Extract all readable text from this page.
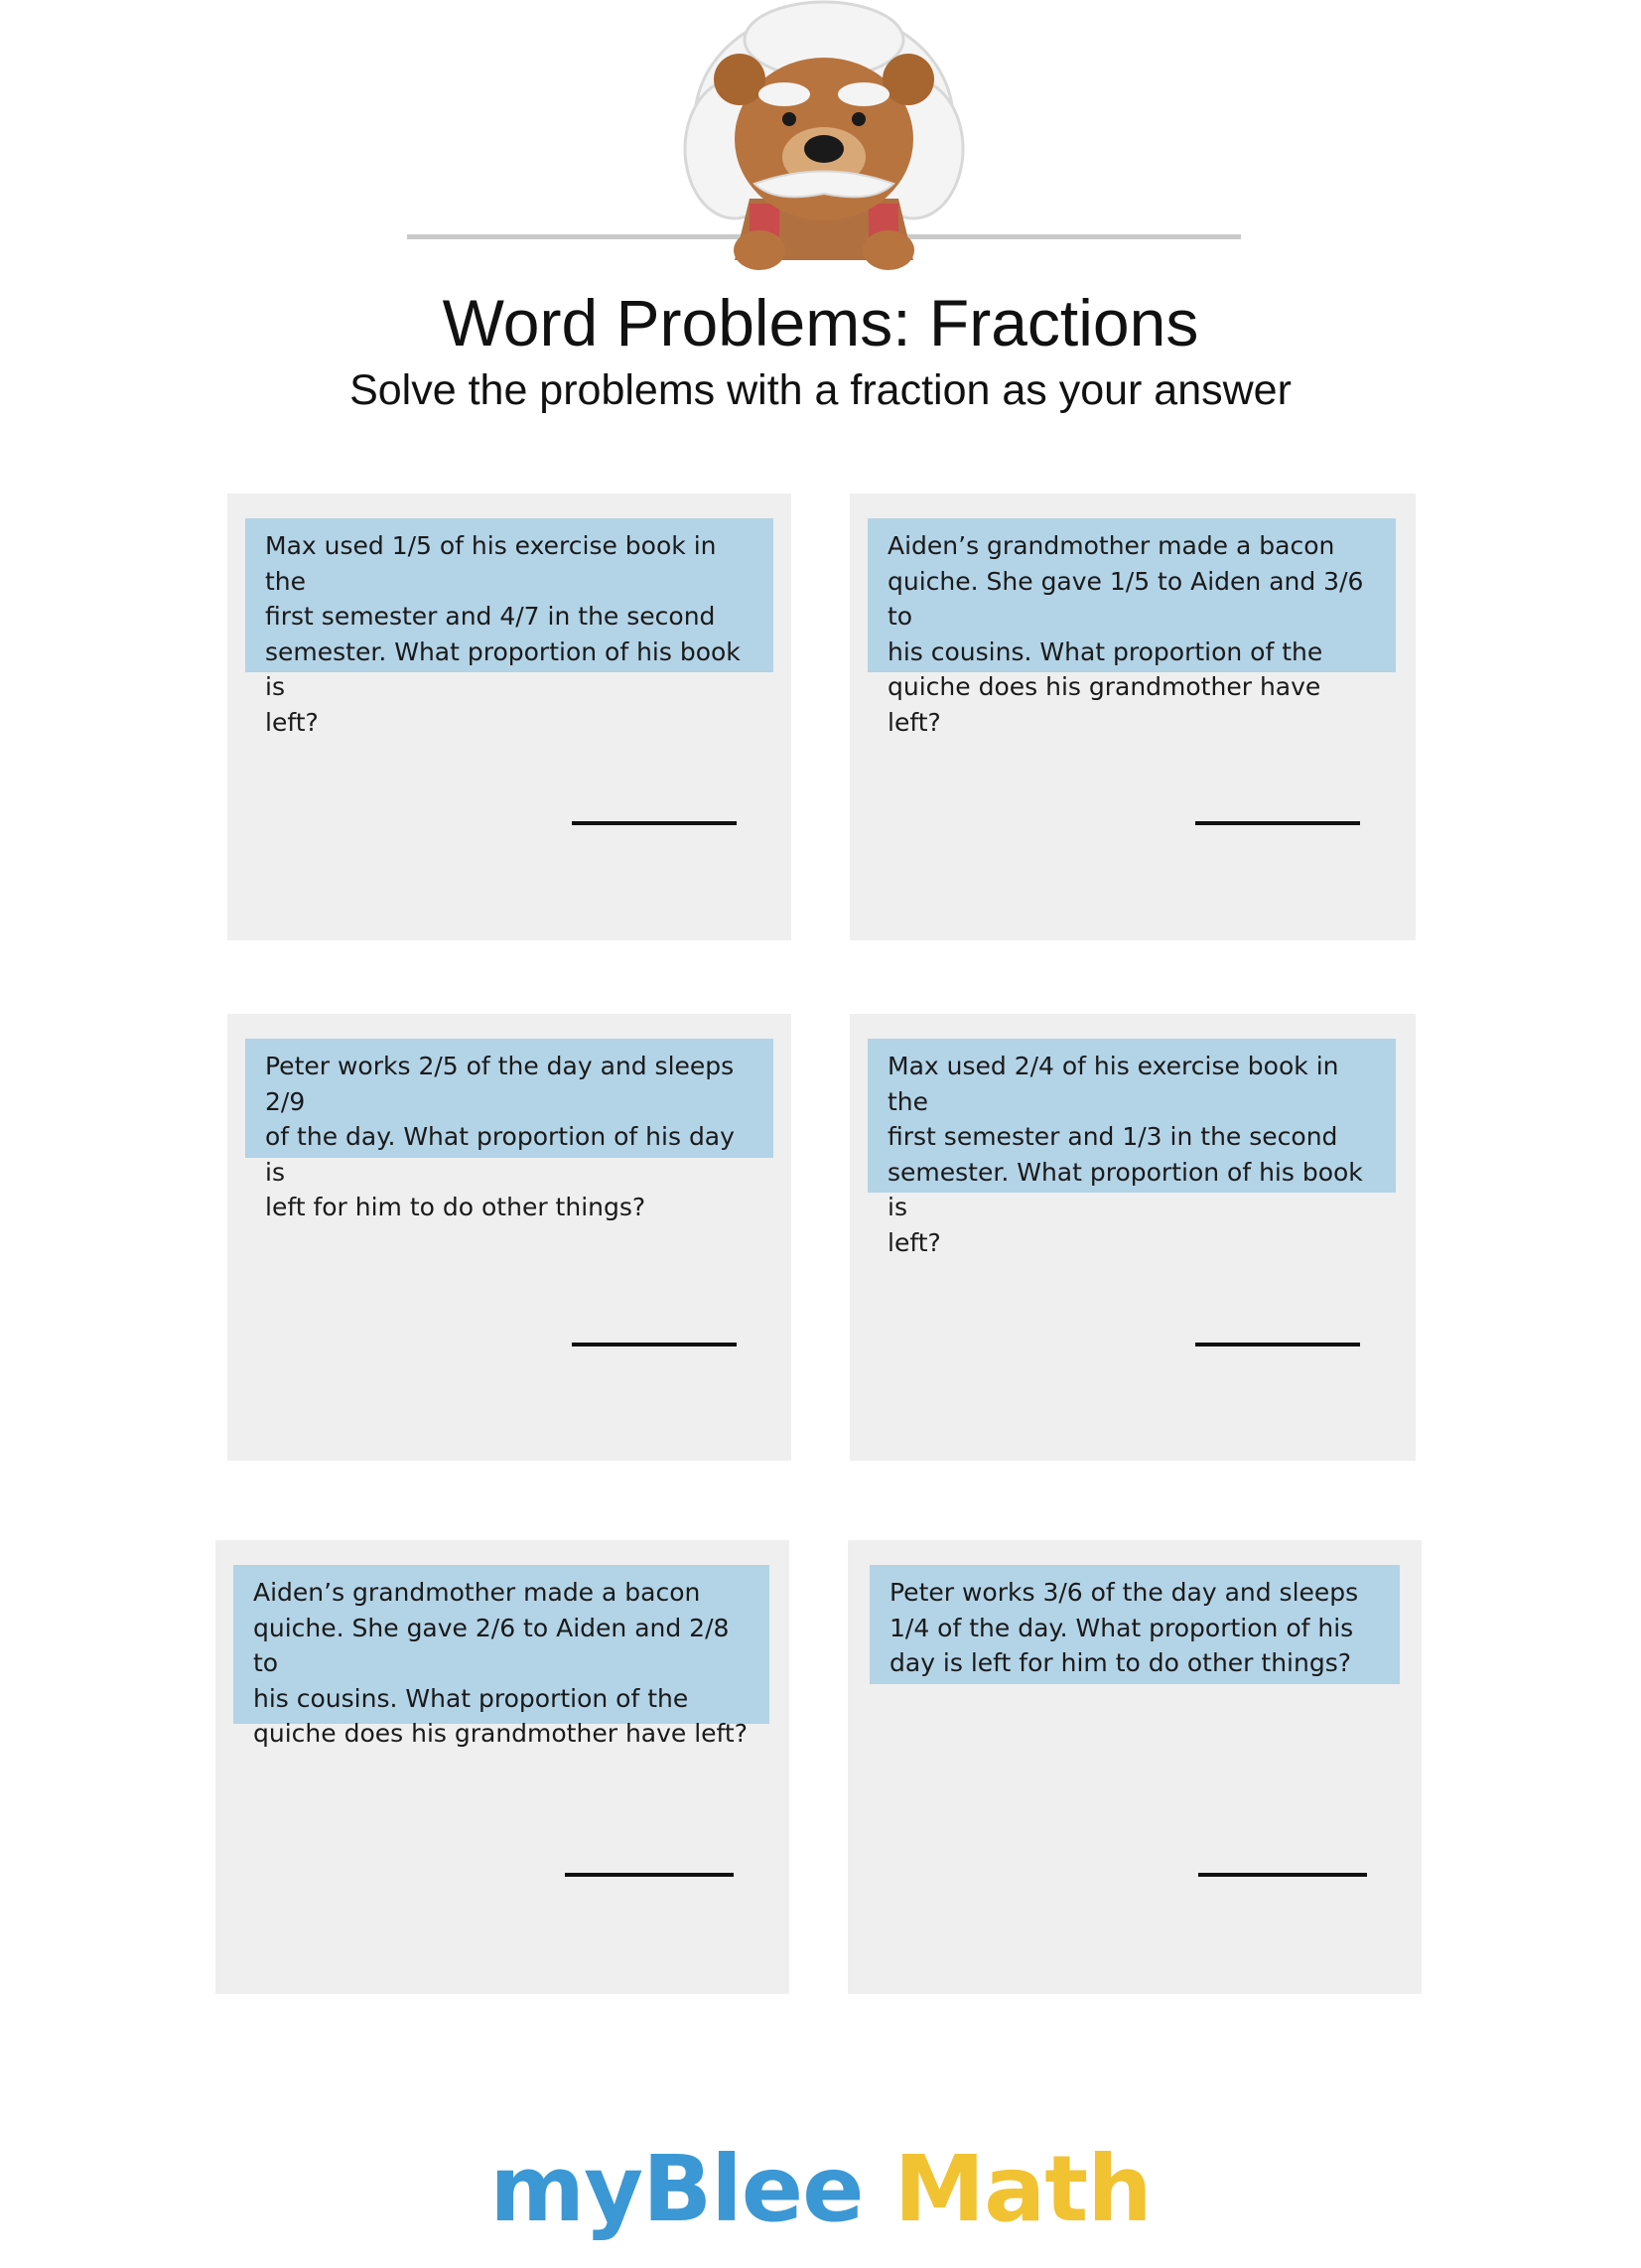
Word Problems: Fractions
Solve the problems with a fraction as your answer
Max used 1/5 of his exercise book in the
first semester and 4/7 in the second
semester. What proportion of his book is
left?
Aiden’s grandmother made a bacon
quiche. She gave 1/5 to Aiden and 3/6 to
his cousins. What proportion of the
quiche does his grandmother have left?
Peter works 2/5 of the day and sleeps 2/9
of the day. What proportion of his day is
left for him to do other things?
Max used 2/4 of his exercise book in the
first semester and 1/3 in the second
semester. What proportion of his book is
left?
Aiden’s grandmother made a bacon
quiche. She gave 2/6 to Aiden and 2/8 to
his cousins. What proportion of the
quiche does his grandmother have left?
Peter works 3/6 of the day and sleeps
1/4 of the day. What proportion of his
day is left for him to do other things?
myBlee Math
